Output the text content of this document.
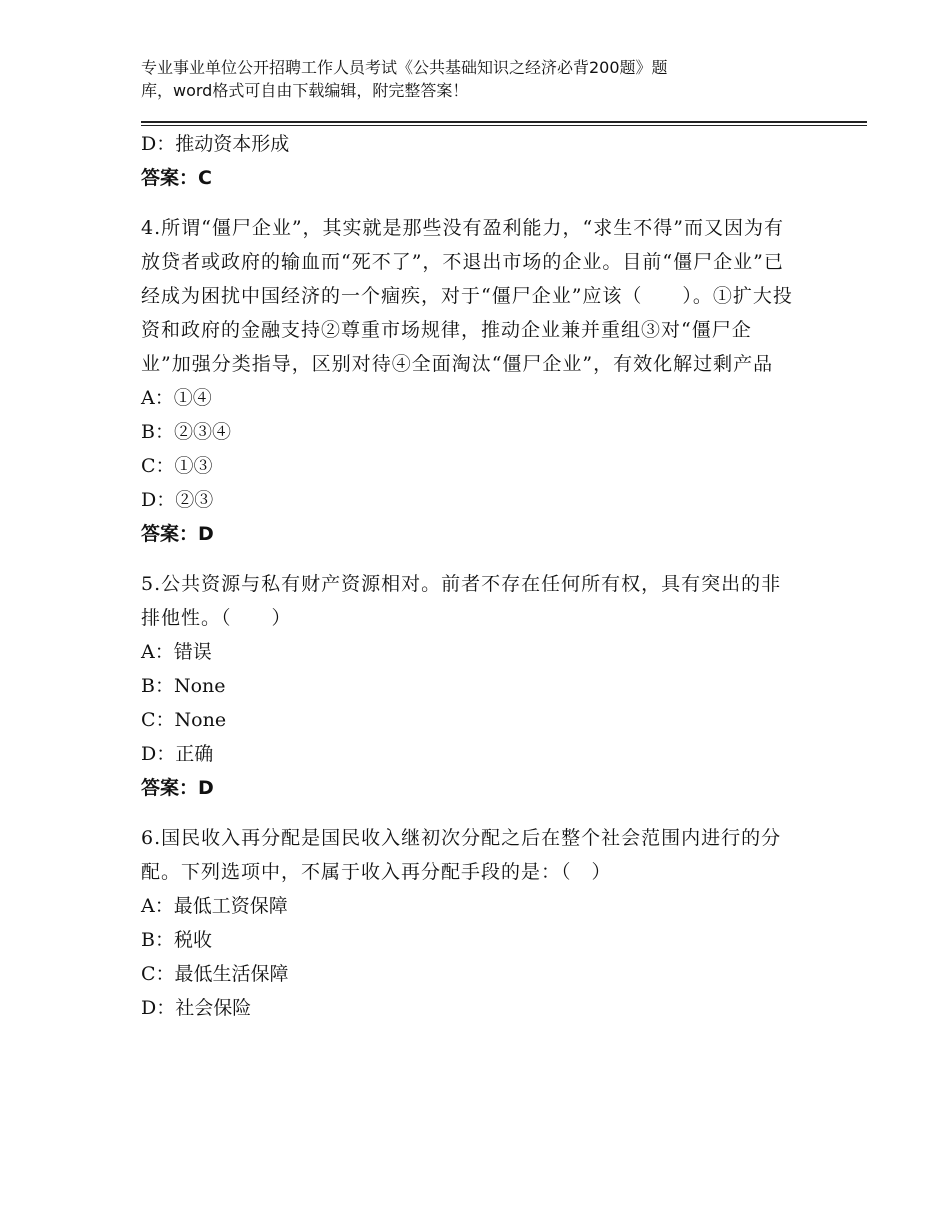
专业事业单位公开招聘工作人员考试《公共基础知识之经济必背200题》题
库，word格式可自由下载编辑，附完整答案！
D：推动资本形成
答案：C
4.所谓“僵尸企业”，其实就是那些没有盈利能力，“求生不得”而又因为有放贷者或政府的输血而“死不了”，不退出市场的企业。目前“僵尸企业”已经成为困扰中国经济的一个痼疾，对于“僵尸企业”应该（　　）。①扩大投资和政府的金融支持②尊重市场规律，推动企业兼并重组③对“僵尸企业”加强分类指导，区别对待④全面淘汰“僵尸企业”，有效化解过剩产品
A：①④
B：②③④
C：①③
D：②③
答案：D
5.公共资源与私有财产资源相对。前者不存在任何所有权，具有突出的非排他性。（　　）
A：错误
B：None
C：None
D：正确
答案：D
6.国民收入再分配是国民收入继初次分配之后在整个社会范围内进行的分配。下列选项中，不属于收入再分配手段的是：（　）
A：最低工资保障
B：税收
C：最低生活保障
D：社会保险
